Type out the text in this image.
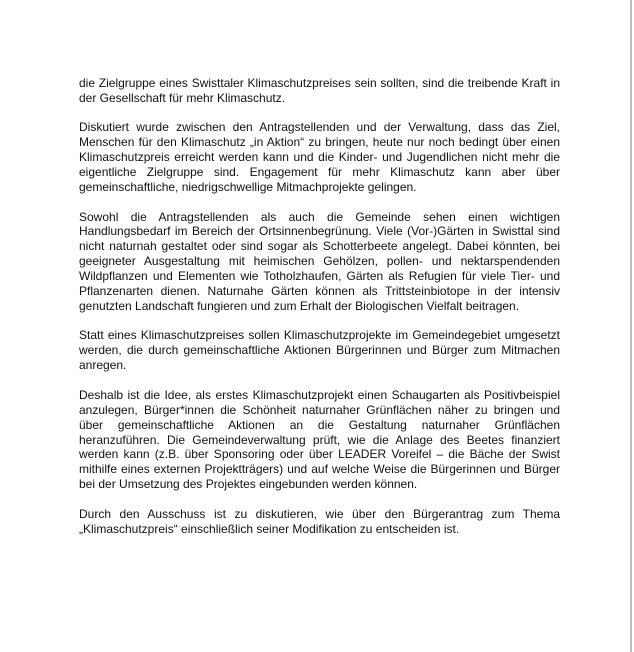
die Zielgruppe eines Swisttaler Klimaschutzpreises sein sollten, sind die treibende Kraft in der Gesellschaft für mehr Klimaschutz.

Diskutiert wurde zwischen den Antragstellenden und der Verwaltung, dass das Ziel, Menschen für den Klimaschutz „in Aktion“ zu bringen, heute nur noch bedingt über einen Klimaschutzpreis erreicht werden kann und die Kinder- und Jugendlichen nicht mehr die eigentliche Zielgruppe sind. Engagement für mehr Klimaschutz kann aber über gemeinschaftliche, niedrigschwellige Mitmachprojekte gelingen.

Sowohl die Antragstellenden als auch die Gemeinde sehen einen wichtigen Handlungsbedarf im Bereich der Ortsinnenbegrünung. Viele (Vor-)Gärten in Swisttal sind nicht naturnah gestaltet oder sind sogar als Schotterbeete angelegt. Dabei könnten, bei geeigneter Ausgestaltung mit heimischen Gehölzen, pollen- und nektarspendenden Wildpflanzen und Elementen wie Totholzhaufen, Gärten als Refugien für viele Tier- und Pflanzenarten dienen. Naturnahe Gärten können als Trittsteinbiotope in der intensiv genutzten Landschaft fungieren und zum Erhalt der Biologischen Vielfalt beitragen.

Statt eines Klimaschutzpreises sollen Klimaschutzprojekte im Gemeindegebiet umgesetzt werden, die durch gemeinschaftliche Aktionen Bürgerinnen und Bürger zum Mitmachen anregen.

Deshalb ist die Idee, als erstes Klimaschutzprojekt einen Schaugarten als Positivbeispiel anzulegen, Bürger*innen die Schönheit naturnaher Grünflächen näher zu bringen und über gemeinschaftliche Aktionen an die Gestaltung naturnaher Grünflächen heranzuführen. Die Gemeindeverwaltung prüft, wie die Anlage des Beetes finanziert werden kann (z.B. über Sponsoring oder über LEADER Voreifel – die Bäche der Swist mithilfe eines externen Projektträgers) und auf welche Weise die Bürgerinnen und Bürger bei der Umsetzung des Projektes eingebunden werden können.

Durch den Ausschuss ist zu diskutieren, wie über den Bürgerantrag zum Thema „Klimaschutzpreis“ einschließlich seiner Modifikation zu entscheiden ist.
